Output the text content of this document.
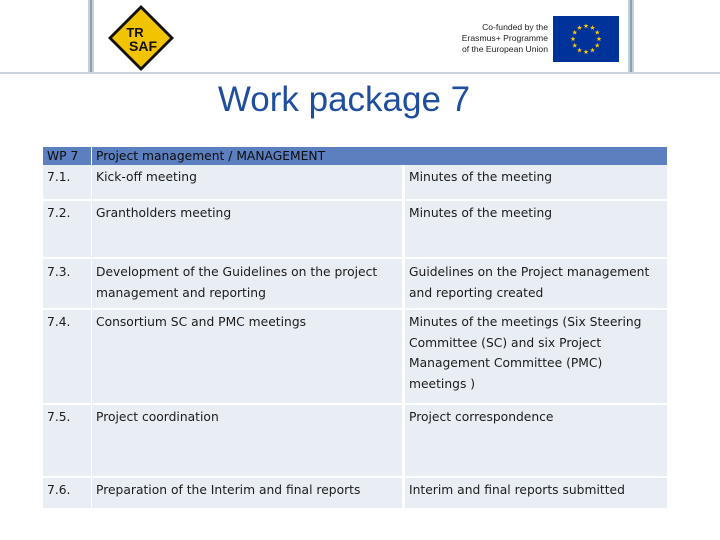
TR
SAF
Co-funded by the
Erasmus+ Programme
of the European Union
Work package 7
WP 7	Project management / MANAGEMENT	
7.1.	Kick-off meeting	Minutes of the meeting
7.2.	Grantholders meeting	Minutes of the meeting
7.3.	Development of the Guidelines on the project management and reporting	Guidelines on the Project management and reporting created
7.4.	Consortium SC and PMC meetings	Minutes of the meetings (Six Steering Committee (SC) and six Project Management Committee (PMC) meetings )
7.5.	Project coordination	Project correspondence
7.6.	Preparation of the Interim and final reports	Interim and final reports submitted
